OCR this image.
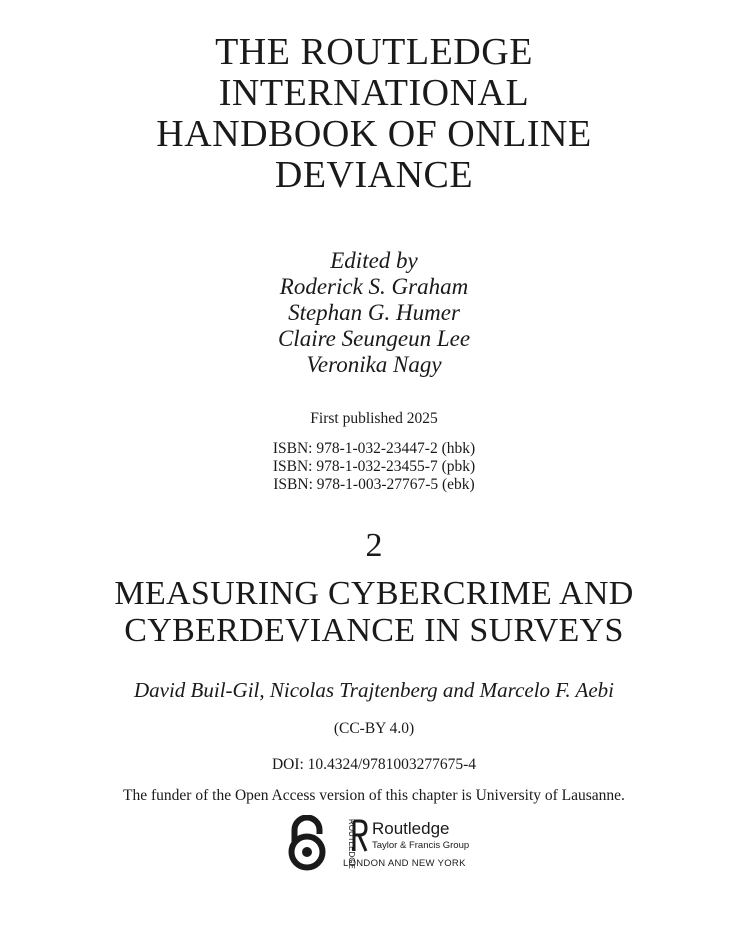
THE ROUTLEDGE
INTERNATIONAL
HANDBOOK OF ONLINE
DEVIANCE
Edited by
Roderick S. Graham
Stephan G. Humer
Claire Seungeun Lee
Veronika Nagy
First published 2025
ISBN: 978-1-032-23447-2 (hbk)
ISBN: 978-1-032-23455-7 (pbk)
ISBN: 978-1-003-27767-5 (ebk)
2
MEASURING CYBERCRIME AND
CYBERDEVIANCE IN SURVEYS
David Buil-Gil, Nicolas Trajtenberg and Marcelo F. Aebi
(CC-BY 4.0)
DOI: 10.4324/9781003277675-4
The funder of the Open Access version of this chapter is University of Lausanne.
ROUTLEDGE Routledge
Taylor & Francis Group
LONDON AND NEW YORK
